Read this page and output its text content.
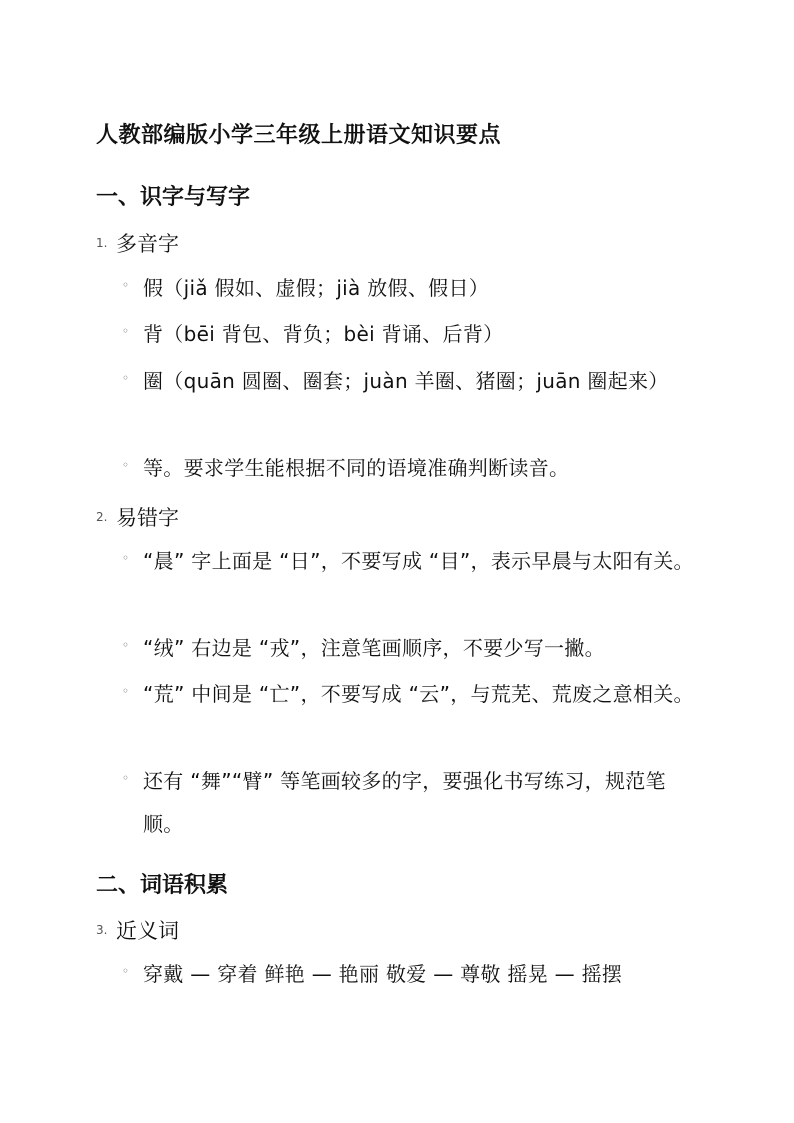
人教部编版小学三年级上册语文知识要点
一、识字与写字
1. 多音字
◦ 假（jiǎ 假如、虚假；jià 放假、假日）
◦ 背（bēi 背包、背负；bèi 背诵、后背）
◦ 圈（quān 圆圈、圈套；juàn 羊圈、猪圈；juān 圈起来）
◦ 等。要求学生能根据不同的语境准确判断读音。
2. 易错字
◦ “晨” 字上面是 “日”，不要写成 “目”，表示早晨与太阳有关。
◦ “绒” 右边是 “戎”，注意笔画顺序，不要少写一撇。
◦ “荒” 中间是 “亡”，不要写成 “云”，与荒芜、荒废之意相关。
◦ 还有 “舞”“臂” 等笔画较多的字，要强化书写练习，规范笔顺。
二、词语积累
3. 近义词
◦ 穿戴 — 穿着 鲜艳 — 艳丽 敬爱 — 尊敬 摇晃 — 摇摆
